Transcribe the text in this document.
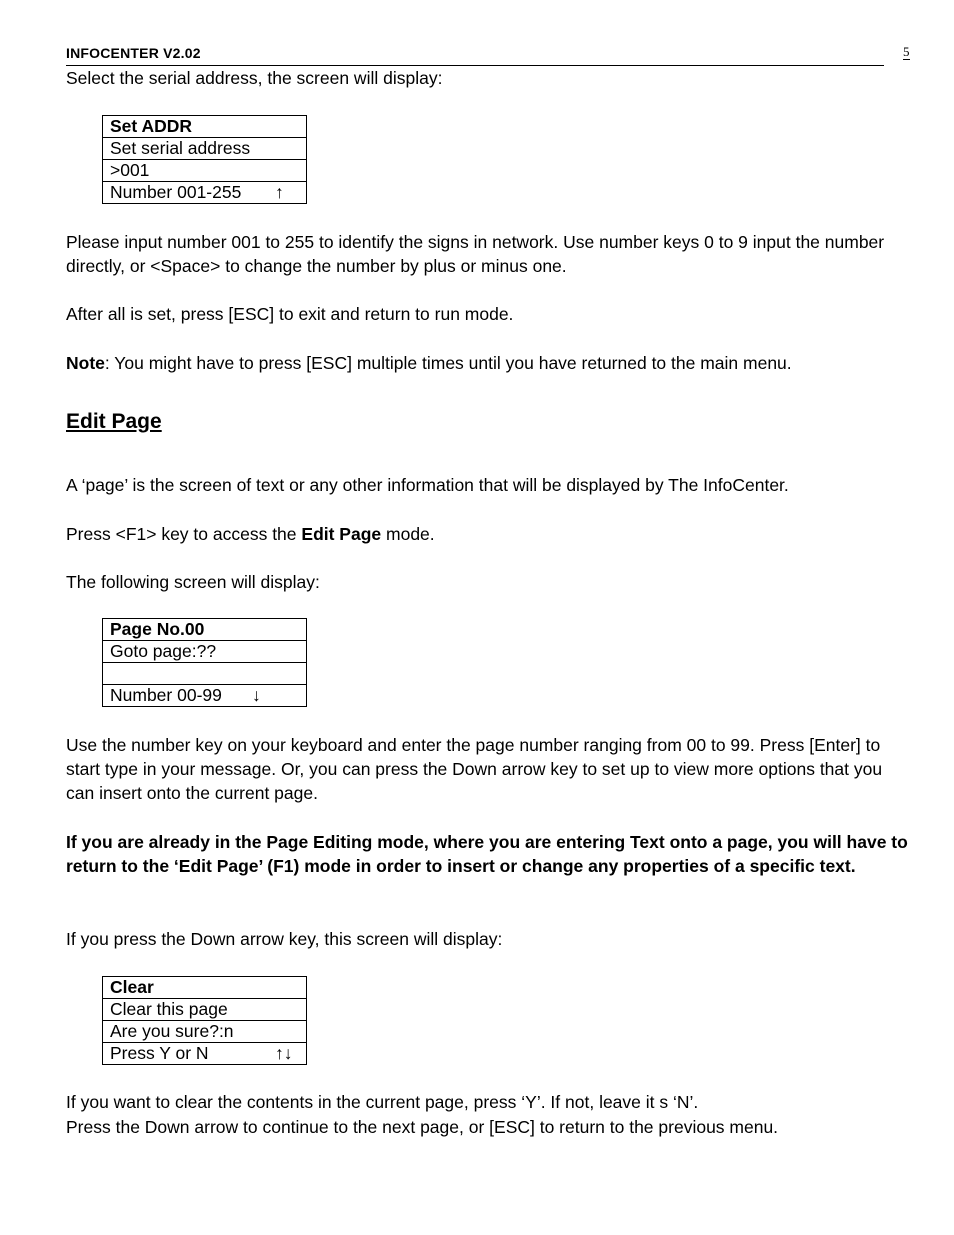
INFOCENTER V2.02	5

Select the serial address, the screen will display:

Set ADDR
Set serial address
>001
Number 001-255 ↑

Please input number 001 to 255 to identify the signs in network. Use number keys 0 to 9 input the number directly, or <Space> to change the number by plus or minus one.

After all is set, press [ESC] to exit and return to run mode.

Note: You might have to press [ESC] multiple times until you have returned to the main menu.

Edit Page

A ‘page’ is the screen of text or any other information that will be displayed by The InfoCenter.

Press <F1> key to access the Edit Page mode.

The following screen will display:

Page No.00
Goto page:??
Number 00-99 ↓

Use the number key on your keyboard and enter the page number ranging from 00 to 99. Press [Enter] to start type in your message. Or, you can press the Down arrow key to set up to view more options that you can insert onto the current page.

If you are already in the Page Editing mode, where you are entering Text onto a page, you will have to return to the ‘Edit Page’ (F1) mode in order to insert or change any properties of a specific text.

If you press the Down arrow key, this screen will display:

Clear
Clear this page
Are you sure?:n
Press Y or N	↑↓

If you want to clear the contents in the current page, press ‘Y’. If not, leave it s ‘N’.

Press the Down arrow to continue to the next page, or [ESC] to return to the previous menu.
